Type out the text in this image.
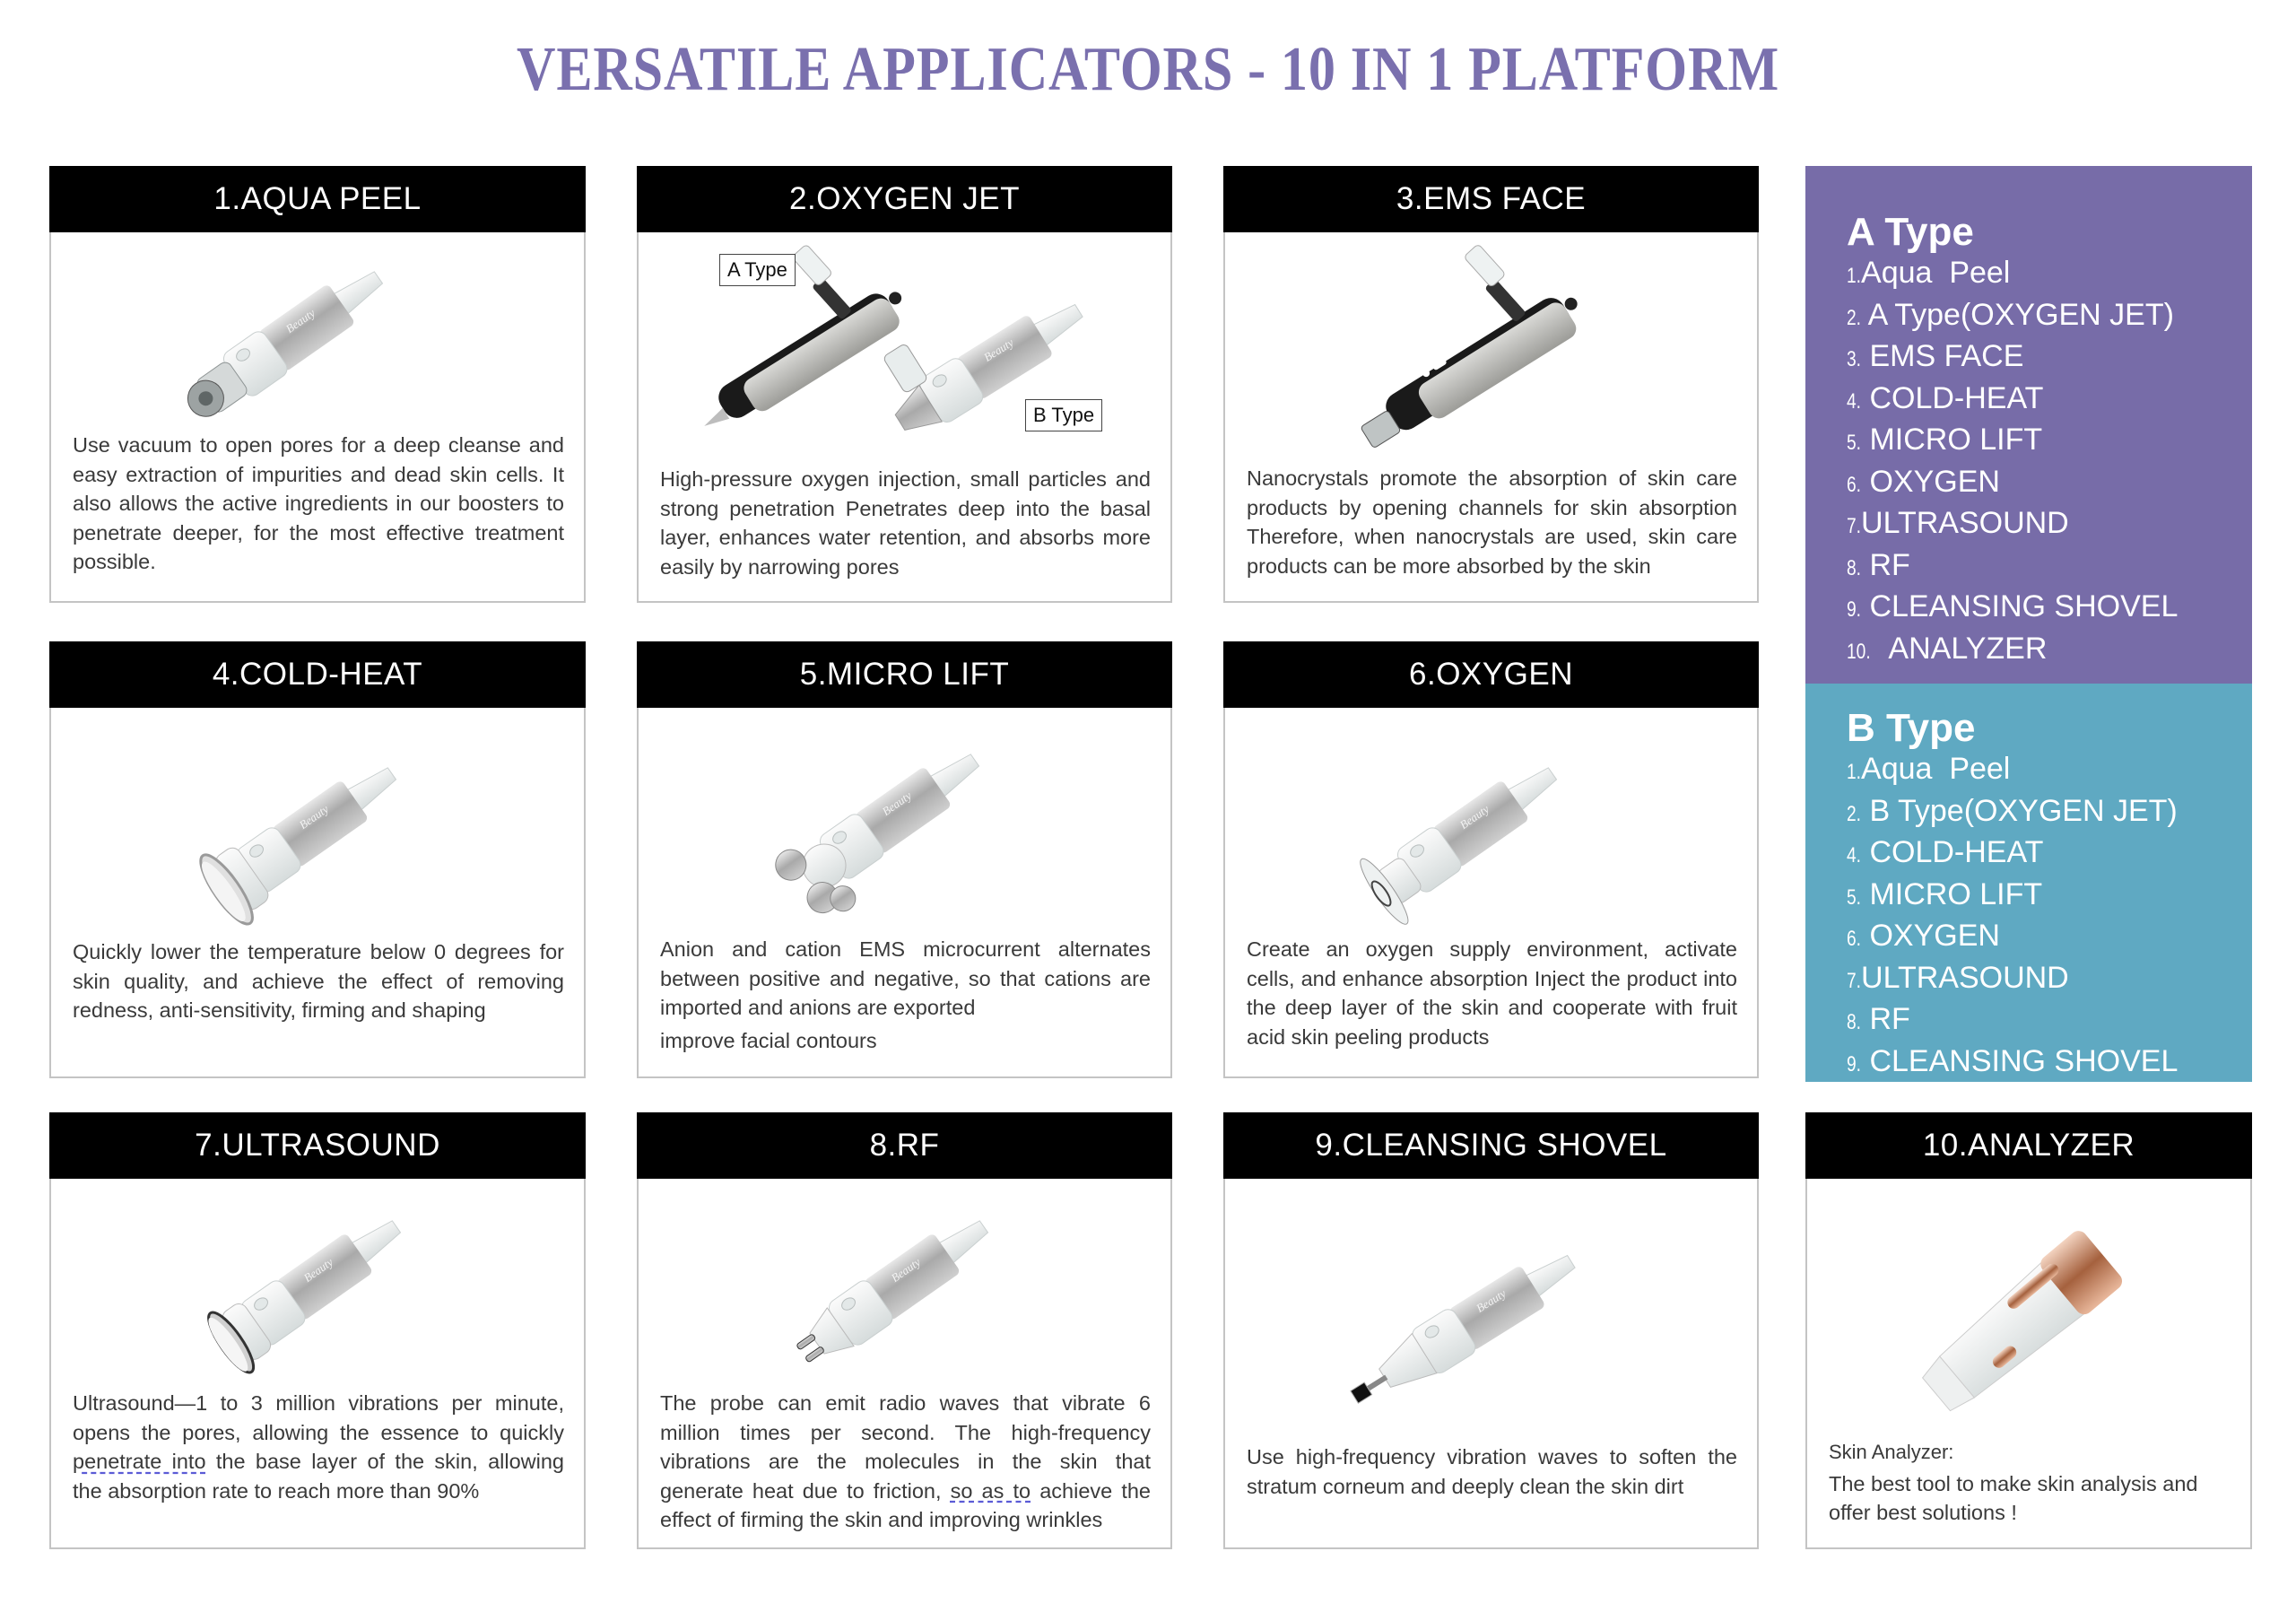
VERSATILE APPLICATORS - 10 IN 1 PLATFORM
1.AQUA PEEL
Use vacuum to open pores for a deep cleanse and easy extraction of impurities and dead skin cells. It also allows the active ingredients in our boosters to penetrate deeper, for the most effective treatment possible.
2.OXYGEN JET
A Type
B Type
High-pressure oxygen injection, small particles and strong penetration Penetrates deep into the basal layer, enhances water retention, and absorbs more easily by narrowing pores
3.EMS FACE
Nanocrystals promote the absorption of skin care products by opening channels for skin absorption Therefore, when nanocrystals are used, skin care products can be more absorbed by the skin
A Type
1.Aqua  Peel
2. A Type(OXYGEN JET)
3. EMS FACE
4. COLD-HEAT
5. MICRO LIFT
6. OXYGEN
7.ULTRASOUND
8. RF
9. CLEANSING SHOVEL
10. ANALYZER
B Type
1.Aqua  Peel
2. B Type(OXYGEN JET)
4. COLD-HEAT
5. MICRO LIFT
6. OXYGEN
7.ULTRASOUND
8. RF
9. CLEANSING SHOVEL
4.COLD-HEAT
Quickly lower the temperature below 0 degrees for skin quality, and achieve the effect of removing redness, anti-sensitivity, firming and shaping
5.MICRO LIFT
Anion and cation EMS microcurrent alternates between positive and negative, so that cations are imported and anions are exported
improve facial contours
6.OXYGEN
Create an oxygen supply environment, activate cells, and enhance absorption Inject the product into the deep layer of the skin and cooperate with fruit acid skin peeling products
7.ULTRASOUND
Ultrasound—1 to 3 million vibrations per minute, opens the pores, allowing the essence to quickly penetrate into the base layer of the skin, allowing the absorption rate to reach more than 90%
8.RF
The probe can emit radio waves that vibrate 6 million times per second. The high-frequency vibrations are the molecules in the skin that generate heat due to friction, so as to achieve the effect of firming the skin and improving wrinkles
9.CLEANSING SHOVEL
Use high-frequency vibration waves to soften the stratum corneum and deeply clean the skin dirt
10.ANALYZER
Skin Analyzer:
The best tool to make skin analysis and offer best solutions !
